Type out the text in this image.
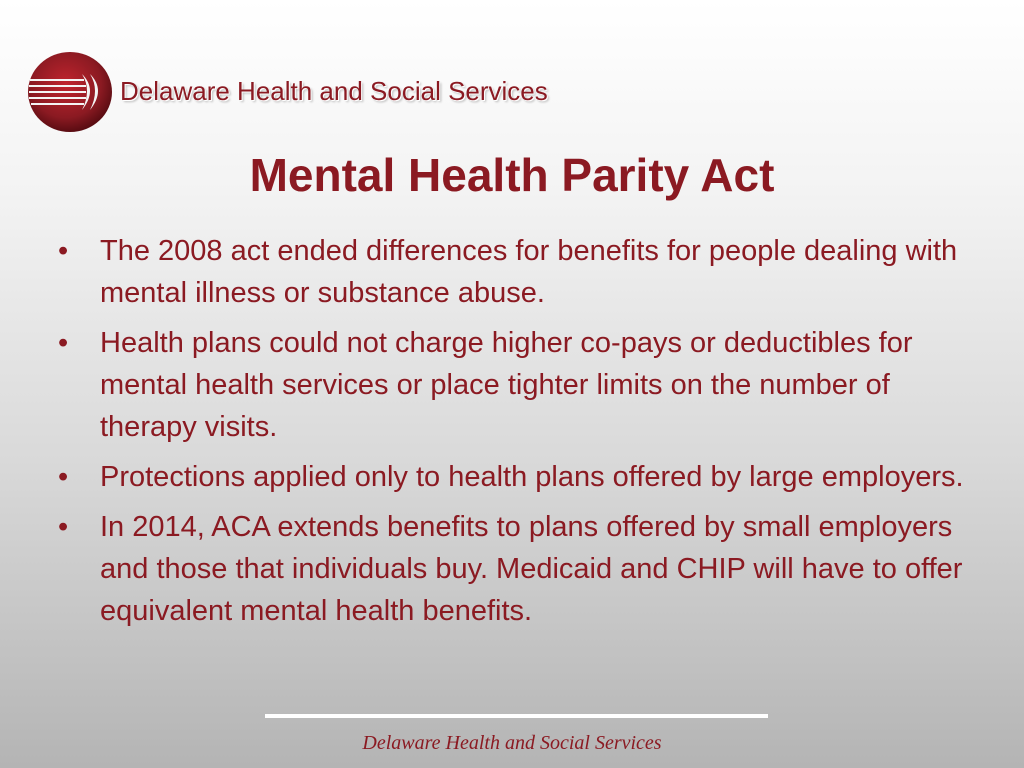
Delaware Health and Social Services
Mental Health Parity Act
• The 2008 act ended differences for benefits for people dealing with mental illness or substance abuse.
• Health plans could not charge higher co-pays or deductibles for mental health services or place tighter limits on the number of therapy visits.
• Protections applied only to health plans offered by large employers.
• In 2014, ACA extends benefits to plans offered by small employers and those that individuals buy. Medicaid and CHIP will have to offer equivalent mental health benefits.
Delaware Health and Social Services
